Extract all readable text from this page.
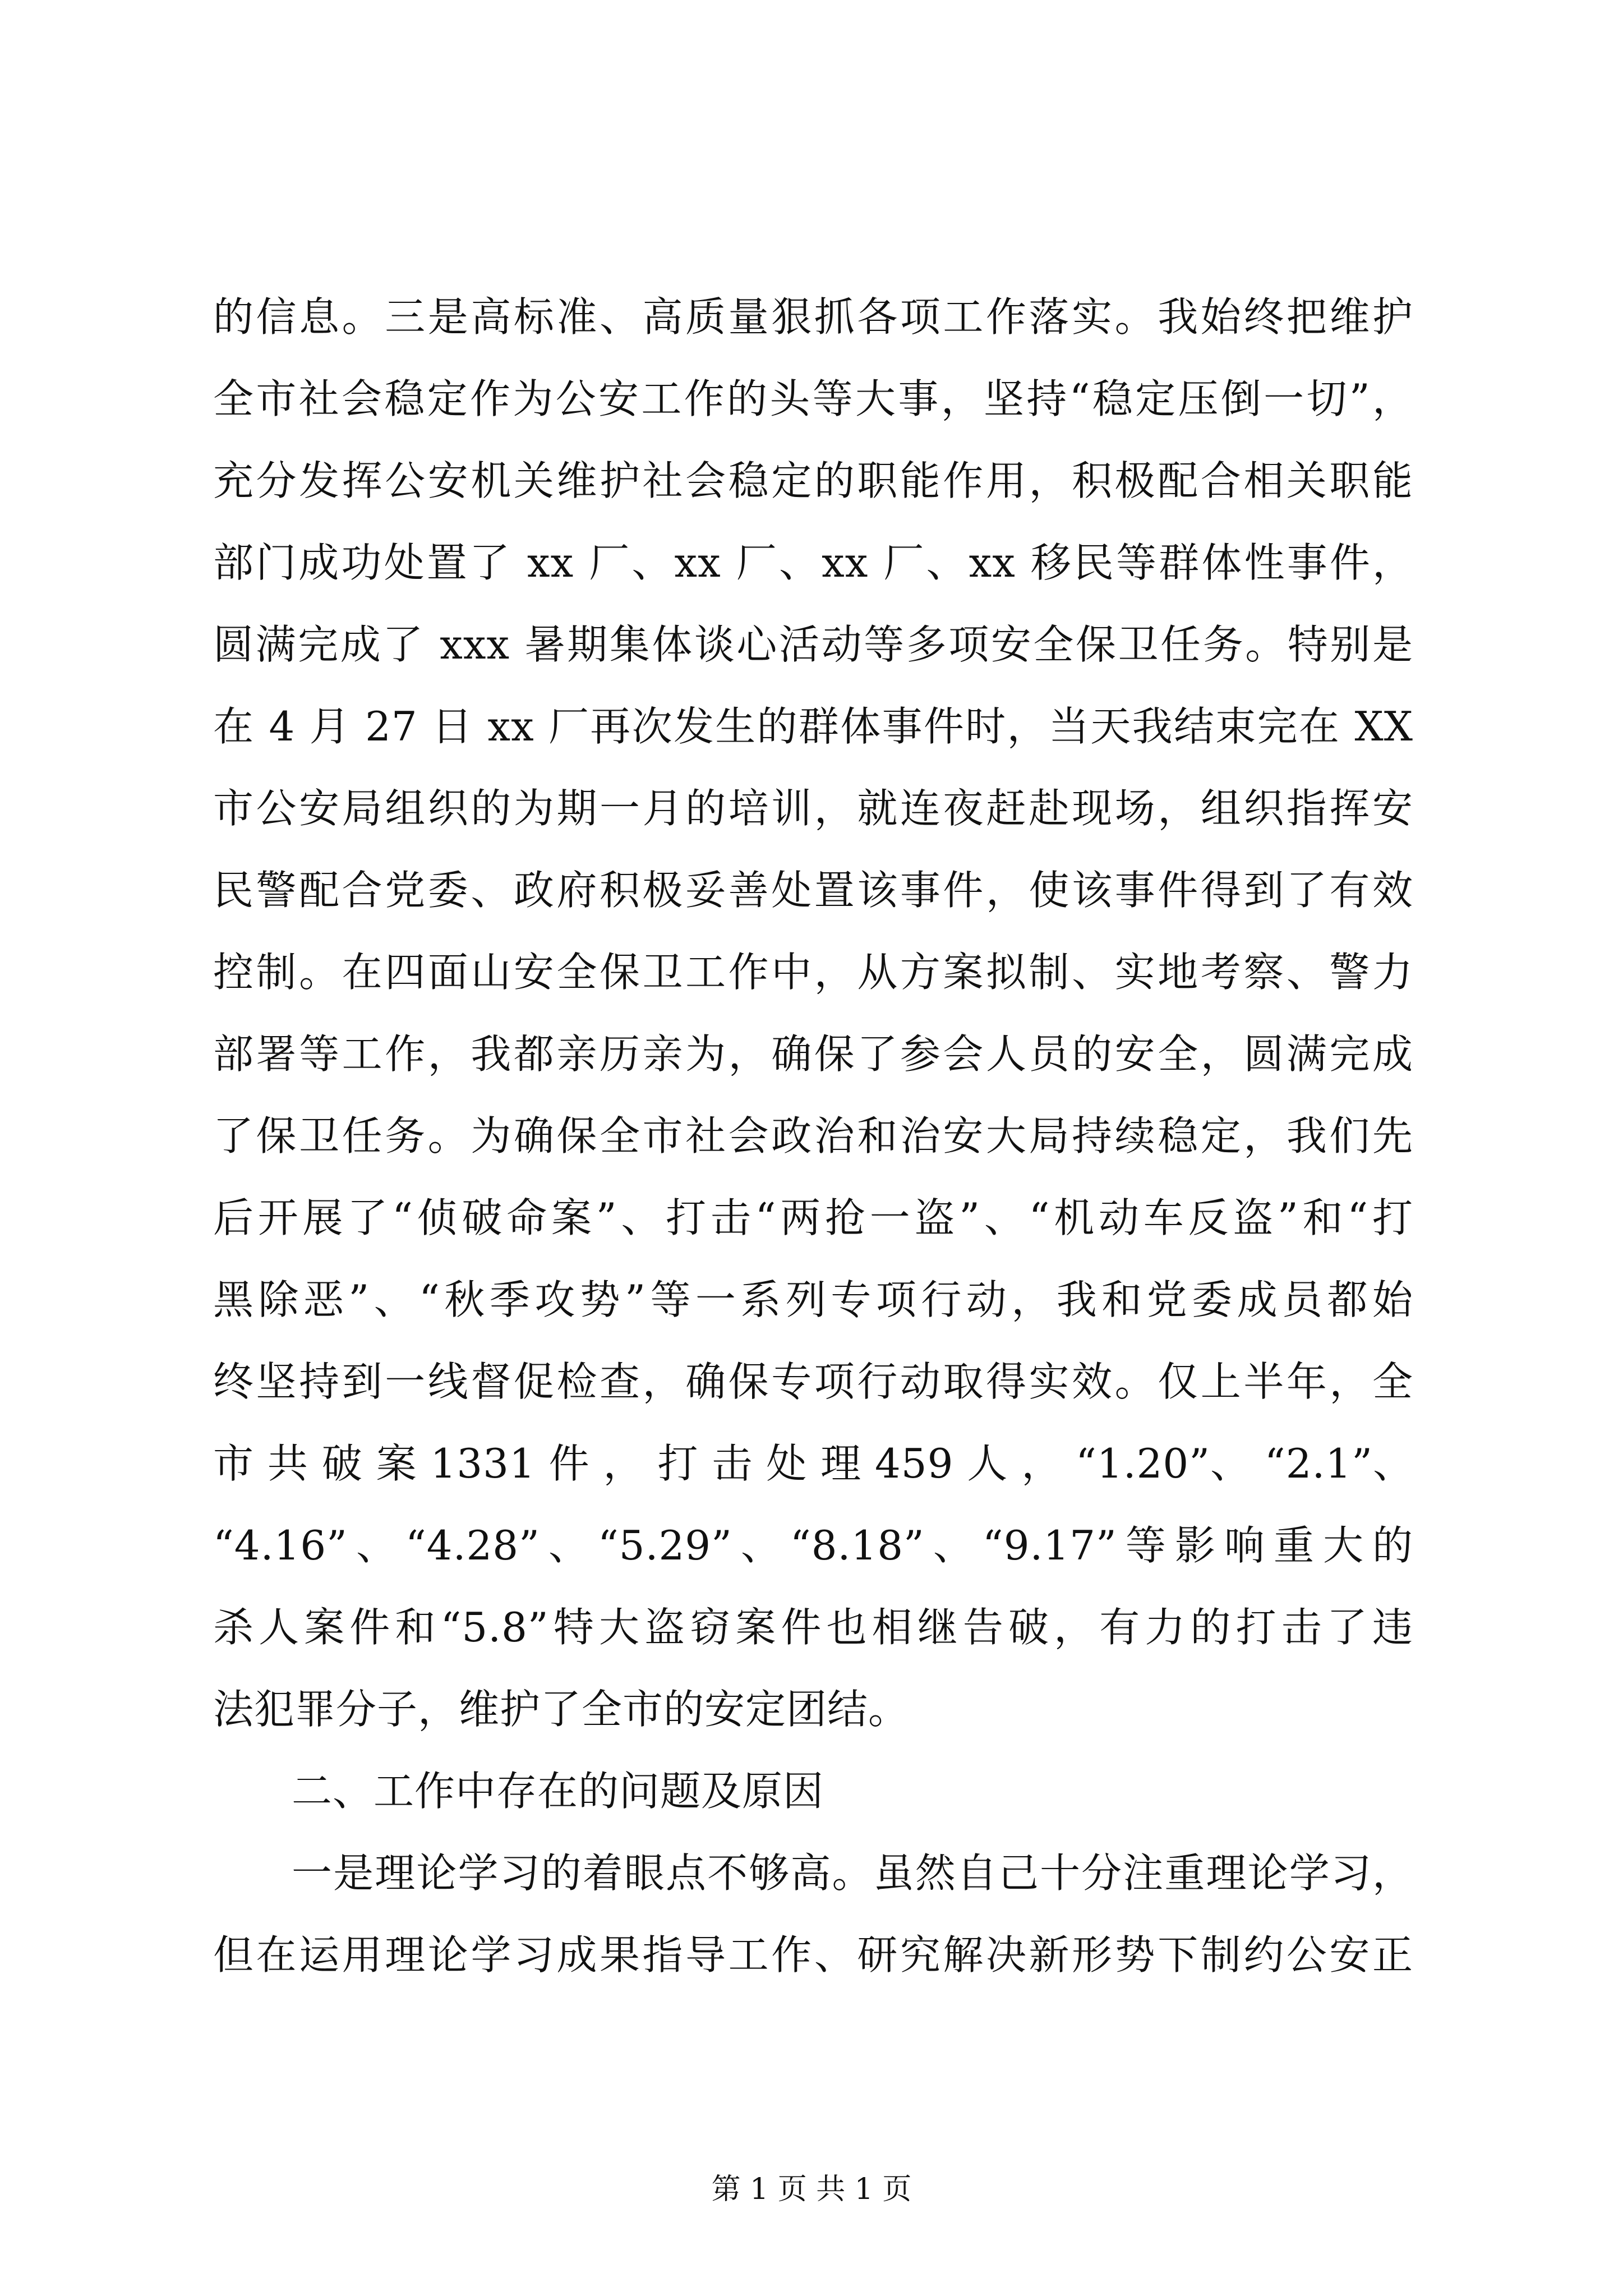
的信息。三是高标准、高质量狠抓各项工作落实。我始终把维护
全市社会稳定作为公安工作的头等大事，坚持“稳定压倒一切”，
充分发挥公安机关维护社会稳定的职能作用，积极配合相关职能
部门成功处置了 xx 厂、xx 厂、xx 厂、xx 移民等群体性事件，
圆满完成了 xxx 暑期集体谈心活动等多项安全保卫任务。特别是
在 4 月 27 日 xx 厂再次发生的群体事件时，当天我结束完在 XX
市公安局组织的为期一月的培训，就连夜赶赴现场，组织指挥安
民警配合党委、政府积极妥善处置该事件，使该事件得到了有效
控制。在四面山安全保卫工作中，从方案拟制、实地考察、警力
部署等工作，我都亲历亲为，确保了参会人员的安全，圆满完成
了保卫任务。为确保全市社会政治和治安大局持续稳定，我们先
后开展了“侦破命案”、打击“两抢一盗”、“机动车反盗”和“打
黑除恶”、“秋季攻势”等一系列专项行动，我和党委成员都始
终坚持到一线督促检查，确保专项行动取得实效。仅上半年，全
市 共 破 案 1331 件 ， 打 击 处 理 459 人 ， “1.20”、 “2.1”、
“4.16”、“4.28”、“5.29”、“8.18”、“9.17”等影响重大的
杀人案件和“5.8”特大盗窃案件也相继告破，有力的打击了违
法犯罪分子，维护了全市的安定团结。
二、工作中存在的问题及原因
一是理论学习的着眼点不够高。虽然自己十分注重理论学习，
但在运用理论学习成果指导工作、研究解决新形势下制约公安正
第 1 页 共 1 页
